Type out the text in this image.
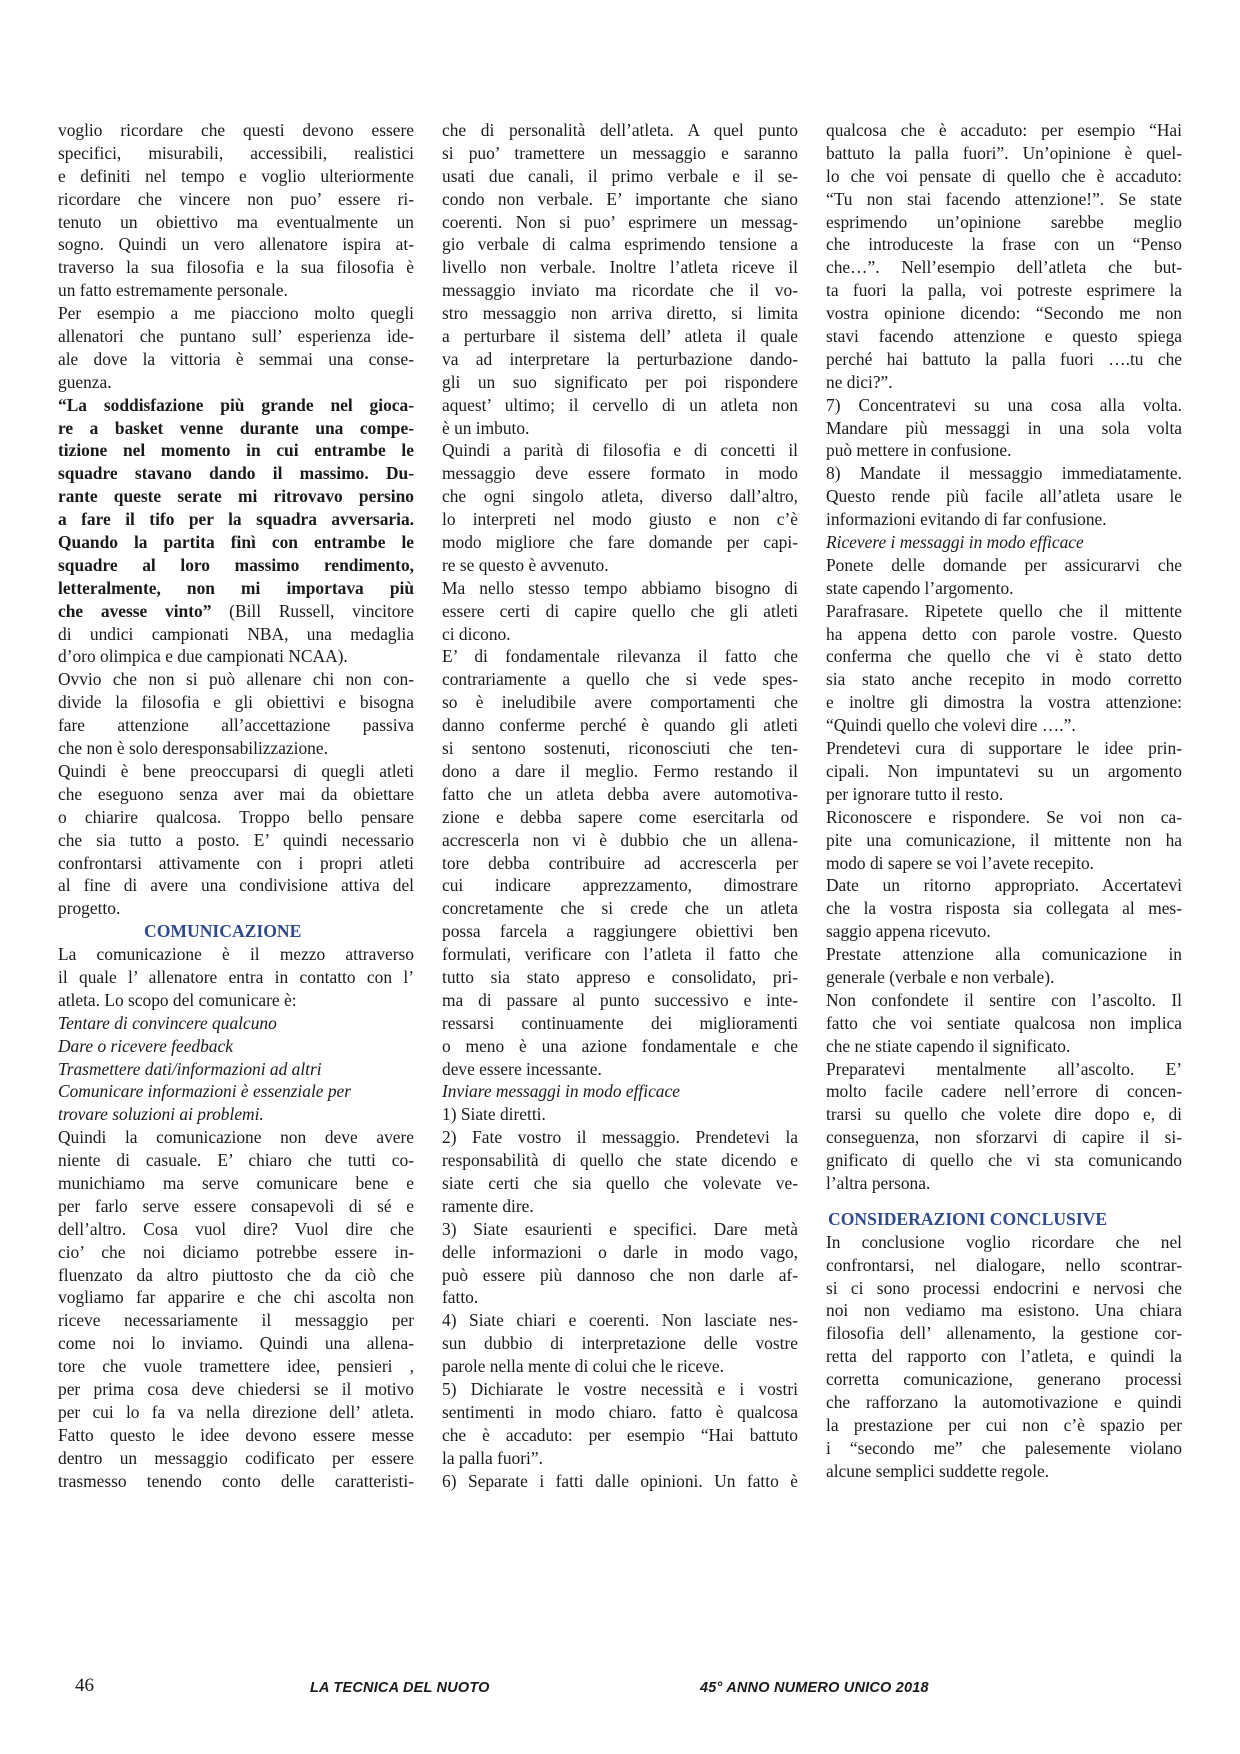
voglio ricordare che questi devono essere
specifici, misurabili, accessibili, realistici
e definiti nel tempo e voglio ulteriormente
ricordare che vincere non puo’ essere ri-
tenuto un obiettivo ma eventualmente un
sogno. Quindi un vero allenatore ispira at-
traverso la sua filosofia e la sua filosofia è
un fatto estremamente personale.
Per esempio a me piacciono molto quegli
allenatori che puntano sull’ esperienza ide-
ale dove la vittoria è semmai una conse-
guenza.
“La soddisfazione più grande nel gioca-
re a basket venne durante una compe-
tizione nel momento in cui entrambe le
squadre stavano dando il massimo. Du-
rante queste serate mi ritrovavo persino
a fare il tifo per la squadra avversaria.
Quando la partita finì con entrambe le
squadre al loro massimo rendimento,
letteralmente, non mi importava più
che avesse vinto” (Bill Russell, vincitore
di undici campionati NBA, una medaglia
d’oro olimpica e due campionati NCAA).
Ovvio che non si può allenare chi non con-
divide la filosofia e gli obiettivi e bisogna
fare attenzione all’accettazione passiva
che non è solo deresponsabilizzazione.
Quindi è bene preoccuparsi di quegli atleti
che eseguono senza aver mai da obiettare
o chiarire qualcosa. Troppo bello pensare
che sia tutto a posto. E’ quindi necessario
confrontarsi attivamente con i propri atleti
al fine di avere una condivisione attiva del
progetto.
COMUNICAZIONE
La comunicazione è il mezzo attraverso
il quale l’ allenatore entra in contatto con l’
atleta. Lo scopo del comunicare è:
Tentare di convincere qualcuno
Dare o ricevere feedback
Trasmettere dati/informazioni ad altri
Comunicare informazioni è essenziale per
trovare soluzioni ai problemi.
Quindi la comunicazione non deve avere
niente di casuale. E’ chiaro che tutti co-
munichiamo ma serve comunicare bene e
per farlo serve essere consapevoli di sé e
dell’altro. Cosa vuol dire? Vuol dire che
cio’ che noi diciamo potrebbe essere in-
fluenzato da altro piuttosto che da ciò che
vogliamo far apparire e che chi ascolta non
riceve necessariamente il messaggio per
come noi lo inviamo. Quindi una allena-
tore che vuole tramettere idee, pensieri ,
per prima cosa deve chiedersi se il motivo
per cui lo fa va nella direzione dell’ atleta.
Fatto questo le idee devono essere messe
dentro un messaggio codificato per essere
trasmesso tenendo conto delle caratteristi-
che di personalità dell’atleta. A quel punto
si puo’ tramettere un messaggio e saranno
usati due canali, il primo verbale e il se-
condo non verbale. E’ importante che siano
coerenti. Non si puo’ esprimere un messag-
gio verbale di calma esprimendo tensione a
livello non verbale. Inoltre l’atleta riceve il
messaggio inviato ma ricordate che il vo-
stro messaggio non arriva diretto, si limita
a perturbare il sistema dell’ atleta il quale
va ad interpretare la perturbazione dando-
gli un suo significato per poi rispondere
aquest’ ultimo; il cervello di un atleta non
è un imbuto.
Quindi a parità di filosofia e di concetti il
messaggio deve essere formato in modo
che ogni singolo atleta, diverso dall’altro,
lo interpreti nel modo giusto e non c’è
modo migliore che fare domande per capi-
re se questo è avvenuto.
Ma nello stesso tempo abbiamo bisogno di
essere certi di capire quello che gli atleti
ci dicono.
E’ di fondamentale rilevanza il fatto che
contrariamente a quello che si vede spes-
so è ineludibile avere comportamenti che
danno conferme perché è quando gli atleti
si sentono sostenuti, riconosciuti che ten-
dono a dare il meglio. Fermo restando il
fatto che un atleta debba avere automotiva-
zione e debba sapere come esercitarla od
accrescerla non vi è dubbio che un allena-
tore debba contribuire ad accrescerla per
cui indicare apprezzamento, dimostrare
concretamente che si crede che un atleta
possa farcela a raggiungere obiettivi ben
formulati, verificare con l’atleta il fatto che
tutto sia stato appreso e consolidato, pri-
ma di passare al punto successivo e inte-
ressarsi continuamente dei miglioramenti
o meno è una azione fondamentale e che
deve essere incessante.
Inviare messaggi in modo efficace
1) Siate diretti.
2) Fate vostro il messaggio. Prendetevi la
responsabilità di quello che state dicendo e
siate certi che sia quello che volevate ve-
ramente dire.
3) Siate esaurienti e specifici. Dare metà
delle informazioni o darle in modo vago,
può essere più dannoso che non darle af-
fatto.
4) Siate chiari e coerenti. Non lasciate nes-
sun dubbio di interpretazione delle vostre
parole nella mente di colui che le riceve.
5) Dichiarate le vostre necessità e i vostri
sentimenti in modo chiaro. fatto è qualcosa
che è accaduto: per esempio “Hai battuto
la palla fuori”.
6) Separate i fatti dalle opinioni. Un fatto è
qualcosa che è accaduto: per esempio “Hai
battuto la palla fuori”. Un’opinione è quel-
lo che voi pensate di quello che è accaduto:
“Tu non stai facendo attenzione!”. Se state
esprimendo un’opinione sarebbe meglio
che introduceste la frase con un “Penso
che…”. Nell’esempio dell’atleta che but-
ta fuori la palla, voi potreste esprimere la
vostra opinione dicendo: “Secondo me non
stavi facendo attenzione e questo spiega
perché hai battuto la palla fuori ….tu che
ne dici?”.
7) Concentratevi su una cosa alla volta.
Mandare più messaggi in una sola volta
può mettere in confusione.
8) Mandate il messaggio immediatamente.
Questo rende più facile all’atleta usare le
informazioni evitando di far confusione.
Ricevere i messaggi in modo efficace
Ponete delle domande per assicurarvi che
state capendo l’argomento.
Parafrasare. Ripetete quello che il mittente
ha appena detto con parole vostre. Questo
conferma che quello che vi è stato detto
sia stato anche recepito in modo corretto
e inoltre gli dimostra la vostra attenzione:
“Quindi quello che volevi dire ….”.
Prendetevi cura di supportare le idee prin-
cipali. Non impuntatevi su un argomento
per ignorare tutto il resto.
Riconoscere e rispondere. Se voi non ca-
pite una comunicazione, il mittente non ha
modo di sapere se voi l’avete recepito.
Date un ritorno appropriato. Accertatevi
che la vostra risposta sia collegata al mes-
saggio appena ricevuto.
Prestate attenzione alla comunicazione in
generale (verbale e non verbale).
Non confondete il sentire con l’ascolto. Il
fatto che voi sentiate qualcosa non implica
che ne stiate capendo il significato.
Preparatevi mentalmente all’ascolto. E’
molto facile cadere nell’errore di concen-
trarsi su quello che volete dire dopo e, di
conseguenza, non sforzarvi di capire il si-
gnificato di quello che vi sta comunicando
l’altra persona.
CONSIDERAZIONI CONCLUSIVE
In conclusione voglio ricordare che nel
confrontarsi, nel dialogare, nello scontrar-
si ci sono processi endocrini e nervosi che
noi non vediamo ma esistono. Una chiara
filosofia dell’ allenamento, la gestione cor-
retta del rapporto con l’atleta, e quindi la
corretta comunicazione, generano processi
che rafforzano la automotivazione e quindi
la prestazione per cui non c’è spazio per
i “secondo me” che palesemente violano
alcune semplici suddette regole.
46	LA TECNICA DEL NUOTO	45° ANNO NUMERO UNICO 2018
